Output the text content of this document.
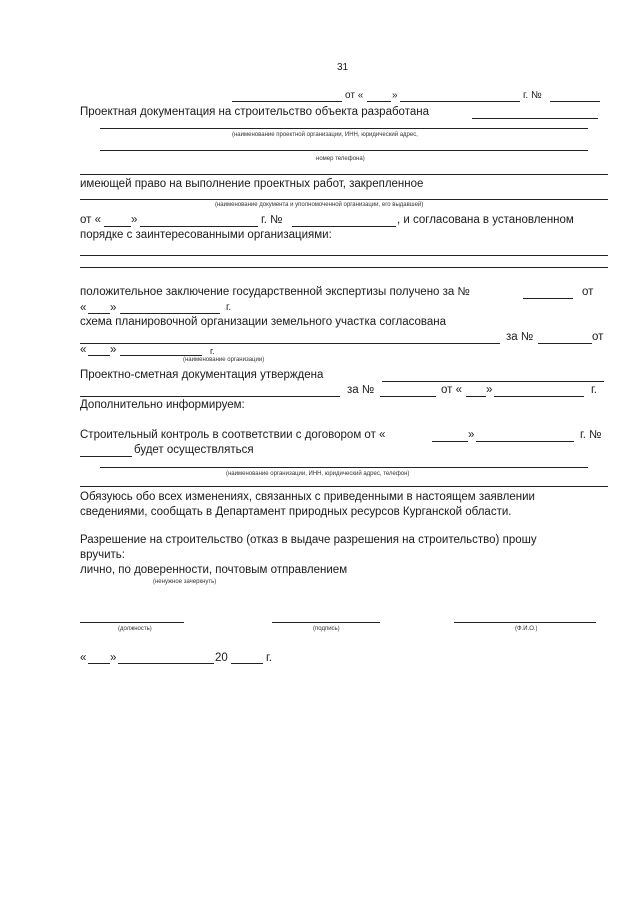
31
от «	»	г. №
Проектная документация на строительство объекта разработана
(наименование проектной организации, ИНН, юридический адрес,
номер телефона)
имеющей право на выполнение проектных работ, закрепленное
(наименование документа и уполномоченной организации, его выдавшей)
от «	»	г. №	, и согласована в установленном
порядке с заинтересованными организациями:
положительное заключение государственной экспертизы получено за №	от
« »	г.
схема планировочной организации земельного участка согласована
за №	от
« »	г.
(наименование организации)
Проектно-сметная документация утверждена
за №	от « »	г.
Дополнительно информируем:
Строительный контроль в соответствии с договором от «	»	г. №
будет осуществляться
(наименование организации, ИНН, юридический адрес, телефон)
Обязуюсь обо всех изменениях, связанных с приведенными в настоящем заявлении
сведениями, сообщать в Департамент природных ресурсов Курганской области.
Разрешение на строительство (отказ в выдаче разрешения на строительство) прошу
вручить:
лично, по доверенности, почтовым отправлением
(ненужное зачеркнуть)
(должность)	(подпись)	(Ф.И.О.)
« »	20	г.
